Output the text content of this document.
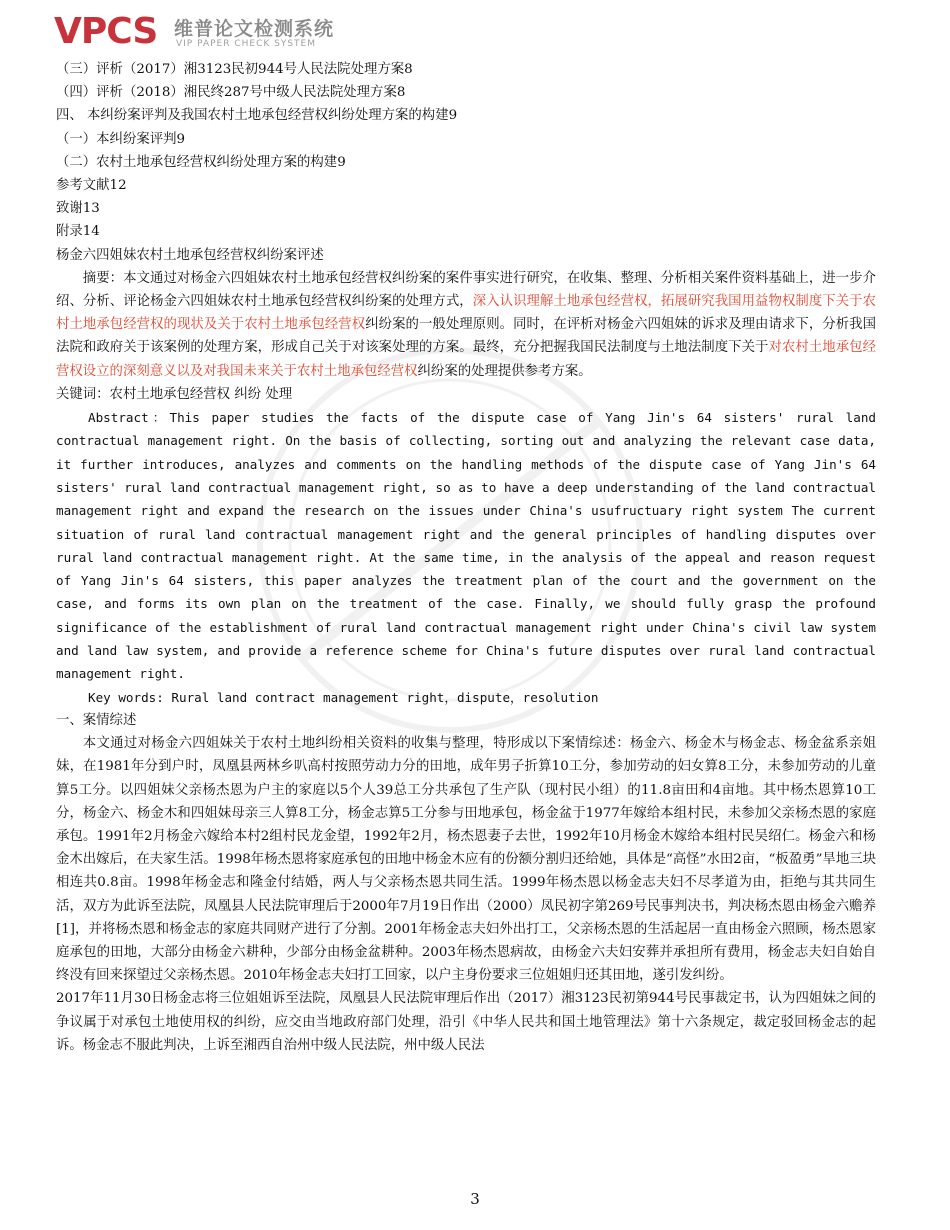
VPCS 维普论文检测系统
VIP PAPER CHECK SYSTEM
（三）评析（2017）湘3123民初944号人民法院处理方案8
（四）评析（2018）湘民终287号中级人民法院处理方案8
四、 本纠纷案评判及我国农村土地承包经营权纠纷处理方案的构建9
（一）本纠纷案评判9
（二）农村土地承包经营权纠纷处理方案的构建9
参考文献12
致谢13
附录14
杨金六四姐妹农村土地承包经营权纠纷案评述
摘要：本文通过对杨金六四姐妹农村土地承包经营权纠纷案的案件事实进行研究，在收集、整理、分析相关案件资料基础上，进一步介绍、分析、评论杨金六四姐妹农村土地承包经营权纠纷案的处理方式，深入认识理解土地承包经营权，拓展研究我国用益物权制度下关于农村土地承包经营权的现状及关于农村土地承包经营权纠纷案的一般处理原则。同时，在评析对杨金六四姐妹的诉求及理由请求下，分析我国法院和政府关于该案例的处理方案，形成自己关于对该案处理的方案。最终，充分把握我国民法制度与土地法制度下关于对农村土地承包经营权设立的深刻意义以及对我国未来关于农村土地承包经营权纠纷案的处理提供参考方案。
关键词：农村土地承包经营权 纠纷 处理

Abstract：This paper studies the facts of the dispute case of Yang Jin's 64 sisters' rural land contractual management right. On the basis of collecting, sorting out and analyzing the relevant case data, it further introduces, analyzes and comments on the handling methods of the dispute case of Yang Jin's 64 sisters' rural land contractual management right, so as to have a deep understanding of the land contractual management right and expand the research on the issues under China's usufructuary right system The current situation of rural land contractual management right and the general principles of handling disputes over rural land contractual management right. At the same time, in the analysis of the appeal and reason request of Yang Jin's 64 sisters, this paper analyzes the treatment plan of the court and the government on the case, and forms its own plan on the treatment of the case. Finally, we should fully grasp the profound significance of the establishment of rural land contractual management right under China's civil law system and land law system, and provide a reference scheme for China's future disputes over rural land contractual management right.

Key words: Rural land contract management right，dispute，resolution

一、案情综述
本文通过对杨金六四姐妹关于农村土地纠纷相关资料的收集与整理，特形成以下案情综述：杨金六、杨金木与杨金志、杨金盆系亲姐妹，在1981年分到户时，凤凰县两林乡叭高村按照劳动力分的田地，成年男子折算10工分，参加劳动的妇女算8工分，未参加劳动的儿童算5工分。以四姐妹父亲杨杰恩为户主的家庭以5个人39总工分共承包了生产队（现村民小组）的11.8亩田和4亩地。其中杨杰恩算10工分，杨金六、杨金木和四姐妹母亲三人算8工分，杨金志算5工分参与田地承包，杨金盆于1977年嫁给本组村民，未参加父亲杨杰恩的家庭承包。1991年2月杨金六嫁给本村2组村民龙金望，1992年2月，杨杰恩妻子去世，1992年10月杨金木嫁给本组村民吴绍仁。杨金六和杨金木出嫁后，在夫家生活。1998年杨杰恩将家庭承包的田地中杨金木应有的份额分割归还给她，具体是“高怪”水田2亩，“板盈勇”旱地三块相连共0.8亩。1998年杨金志和隆金付结婚，两人与父亲杨杰恩共同生活。1999年杨杰恩以杨金志夫妇不尽孝道为由，拒绝与其共同生活，双方为此诉至法院，凤凰县人民法院审理后于2000年7月19日作出（2000）凤民初字第269号民事判决书，判决杨杰恩由杨金六赡养[1]，并将杨杰恩和杨金志的家庭共同财产进行了分割。2001年杨金志夫妇外出打工，父亲杨杰恩的生活起居一直由杨金六照顾，杨杰恩家庭承包的田地，大部分由杨金六耕种，少部分由杨金盆耕种。2003年杨杰恩病故，由杨金六夫妇安葬并承担所有费用，杨金志夫妇自始自终没有回来探望过父亲杨杰恩。2010年杨金志夫妇打工回家，以户主身份要求三位姐姐归还其田地，遂引发纠纷。
2017年11月30日杨金志将三位姐姐诉至法院，凤凰县人民法院审理后作出（2017）湘3123民初第944号民事裁定书，认为四姐妹之间的争议属于对承包土地使用权的纠纷，应交由当地政府部门处理，沿引《中华人民共和国土地管理法》第十六条规定，裁定驳回杨金志的起诉。杨金志不服此判决，上诉至湘西自治州中级人民法院，州中级人民法
3
